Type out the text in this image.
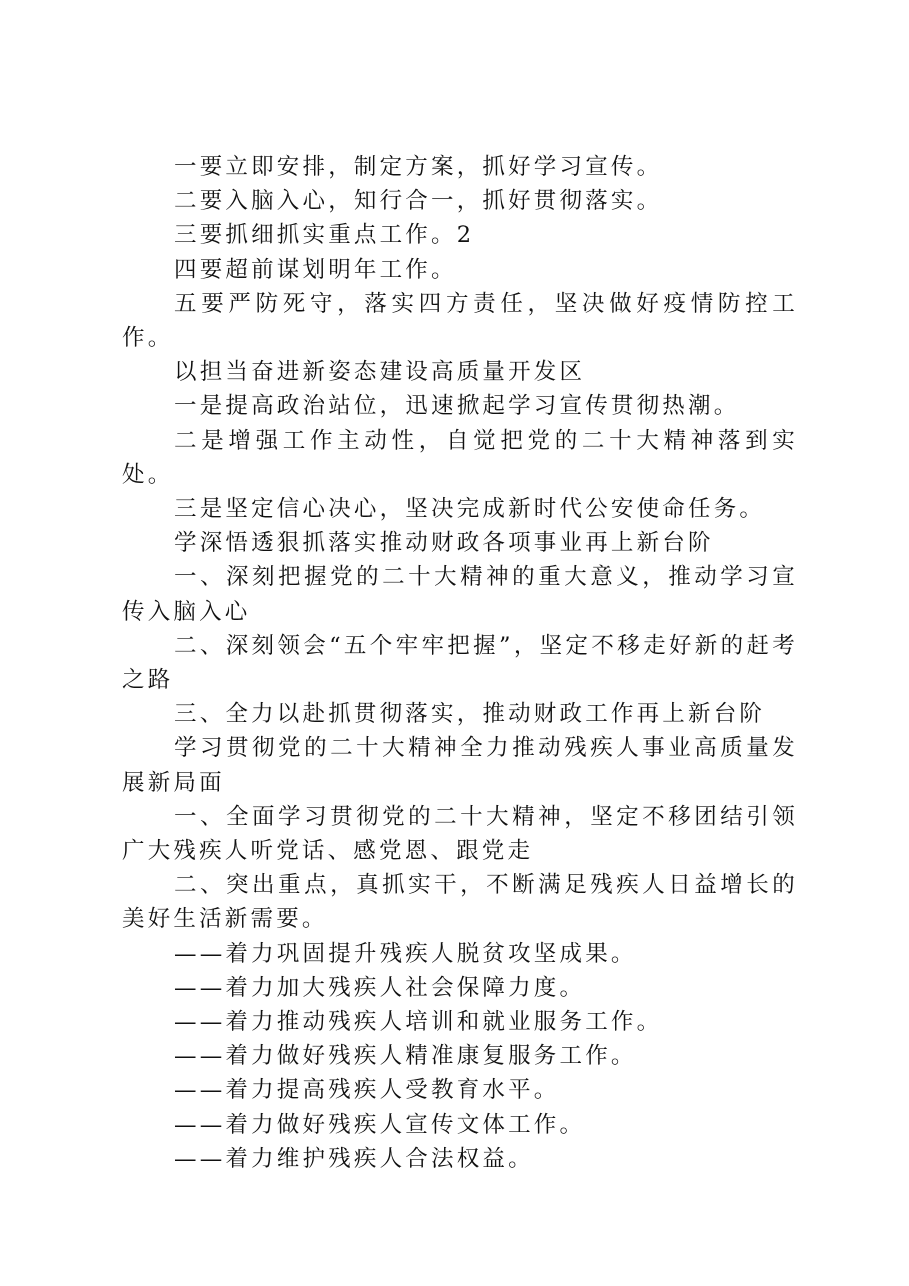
一要立即安排，制定方案，抓好学习宣传。

二要入脑入心，知行合一，抓好贯彻落实。

三要抓细抓实重点工作。2

四要超前谋划明年工作。

五要严防死守，落实四方责任，坚决做好疫情防控工作。

以担当奋进新姿态建设高质量开发区

一是提高政治站位，迅速掀起学习宣传贯彻热潮。

二是增强工作主动性，自觉把党的二十大精神落到实处。

三是坚定信心决心，坚决完成新时代公安使命任务。

学深悟透狠抓落实推动财政各项事业再上新台阶

一、深刻把握党的二十大精神的重大意义，推动学习宣传入脑入心

二、深刻领会“五个牢牢把握”，坚定不移走好新的赶考之路

三、全力以赴抓贯彻落实，推动财政工作再上新台阶

学习贯彻党的二十大精神全力推动残疾人事业高质量发展新局面

一、全面学习贯彻党的二十大精神，坚定不移团结引领广大残疾人听党话、感党恩、跟党走

二、突出重点，真抓实干，不断满足残疾人日益增长的美好生活新需要。

——着力巩固提升残疾人脱贫攻坚成果。

——着力加大残疾人社会保障力度。

——着力推动残疾人培训和就业服务工作。

——着力做好残疾人精准康复服务工作。

——着力提高残疾人受教育水平。

——着力做好残疾人宣传文体工作。

——着力维护残疾人合法权益。
